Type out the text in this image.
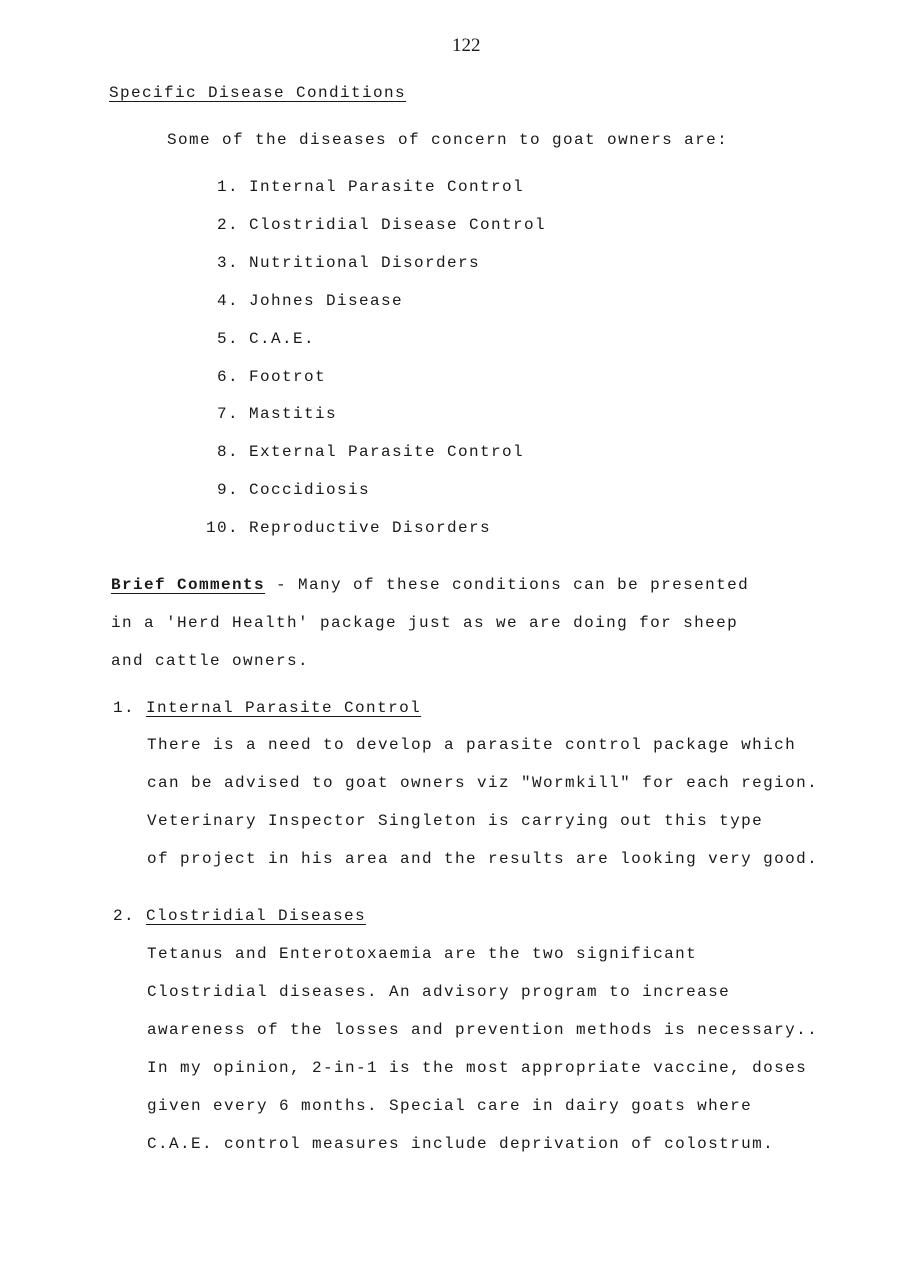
122
Specific Disease Conditions
Some of the diseases of concern to goat owners are:
1. Internal Parasite Control
2. Clostridial Disease Control
3. Nutritional Disorders
4. Johnes Disease
5. C.A.E.
6. Footrot
7. Mastitis
8. External Parasite Control
9. Coccidiosis
10. Reproductive Disorders
Brief Comments - Many of these conditions can be presented
in a 'Herd Health' package just as we are doing for sheep
and cattle owners.
1. Internal Parasite Control
There is a need to develop a parasite control package which
can be advised to goat owners viz "Wormkill" for each region.
Veterinary Inspector Singleton is carrying out this type
of project in his area and the results are looking very good.
2. Clostridial Diseases
Tetanus and Enterotoxaemia are the two significant
Clostridial diseases. An advisory program to increase
awareness of the losses and prevention methods is necessary..
In my opinion, 2-in-1 is the most appropriate vaccine, doses
given every 6 months. Special care in dairy goats where
C.A.E. control measures include deprivation of colostrum.
